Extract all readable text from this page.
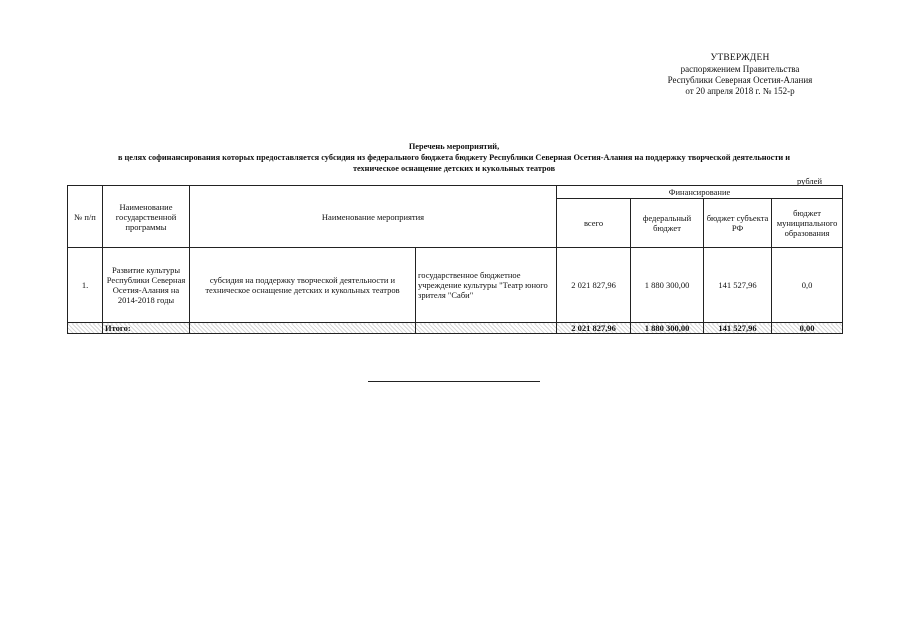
УТВЕРЖДЕН
распоряжением Правительства
Республики Северная Осетия-Алания
от 20 апреля 2018 г. № 152-р
Перечень мероприятий,
в целях софинансирования которых предоставляется субсидия из федерального бюджета бюджету Республики Северная Осетия-Алания на поддержку творческой деятельности и
техническое оснащение детских и кукольных театров
рублей
№ п/п	Наименование государственной программы	Наименование мероприятия		Финансирование			
				всего	федеральный бюджет	бюджет субъекта РФ	бюджет муниципального образования
1.	Развитие культуры Республики Северная Осетия-Алания на 2014-2018 годы	субсидия на поддержку творческой деятельности и техническое оснащение детских и кукольных театров	государственное бюджетное учреждение культуры "Театр юного зрителя "Саби"	2 021 827,96	1 880 300,00	141 527,96	0,0
	Итого:			2 021 827,96	1 880 300,00	141 527,96	0,00
